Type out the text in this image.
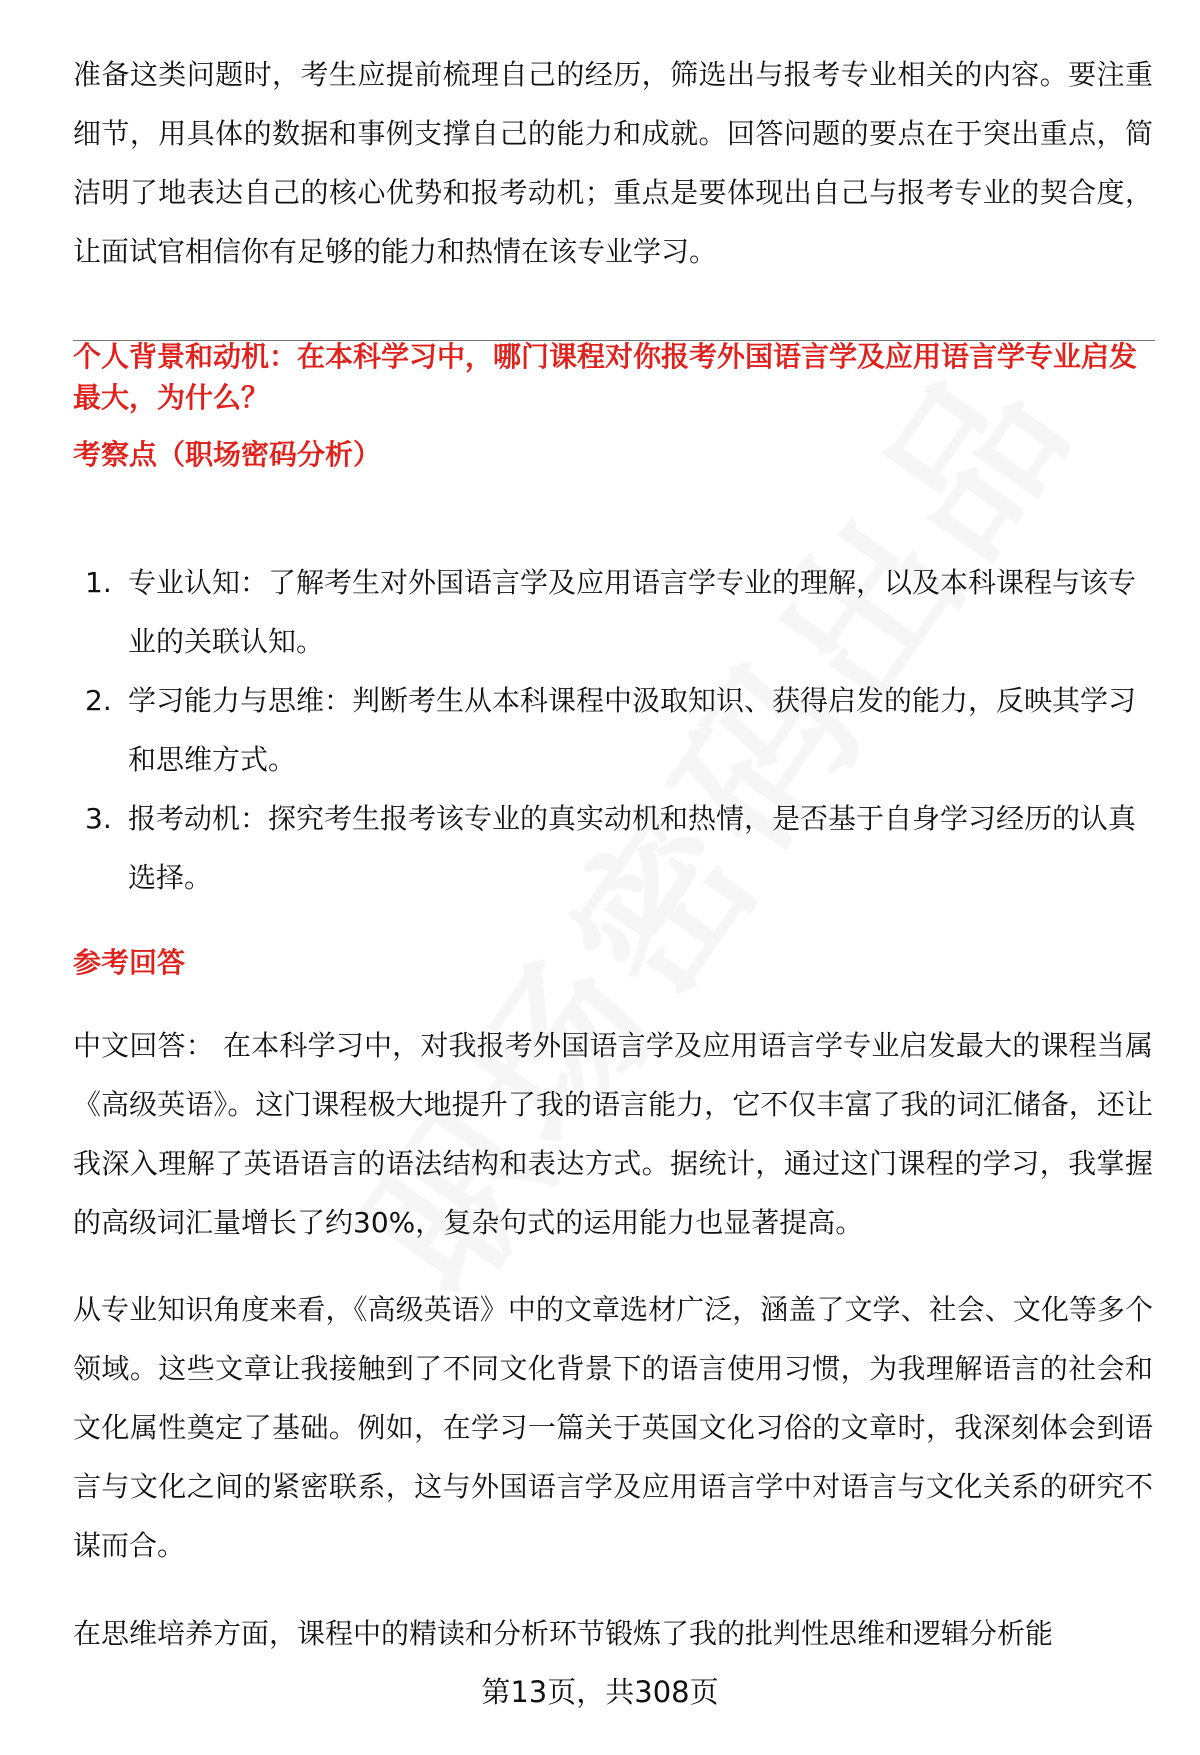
准备这类问题时，考生应提前梳理自己的经历，筛选出与报考专业相关的内容。要注重细节，用具体的数据和事例支撑自己的能力和成就。回答问题的要点在于突出重点，简洁明了地表达自己的核心优势和报考动机；重点是要体现出自己与报考专业的契合度，让面试官相信你有足够的能力和热情在该专业学习。
个人背景和动机：在本科学习中，哪门课程对你报考外国语言学及应用语言学专业启发最大，为什么？
考察点（职场密码分析）
1. 专业认知：了解考生对外国语言学及应用语言学专业的理解，以及本科课程与该专业的关联认知。
2. 学习能力与思维：判断考生从本科课程中汲取知识、获得启发的能力，反映其学习和思维方式。
3. 报考动机：探究考生报考该专业的真实动机和热情，是否基于自身学习经历的认真选择。
参考回答
中文回答： 在本科学习中，对我报考外国语言学及应用语言学专业启发最大的课程当属《高级英语》。这门课程极大地提升了我的语言能力，它不仅丰富了我的词汇储备，还让我深入理解了英语语言的语法结构和表达方式。据统计，通过这门课程的学习，我掌握的高级词汇量增长了约30%，复杂句式的运用能力也显著提高。
从专业知识角度来看，《高级英语》中的文章选材广泛，涵盖了文学、社会、文化等多个领域。这些文章让我接触到了不同文化背景下的语言使用习惯，为我理解语言的社会和文化属性奠定了基础。例如，在学习一篇关于英国文化习俗的文章时，我深刻体会到语言与文化之间的紧密联系，这与外国语言学及应用语言学中对语言与文化关系的研究不谋而合。
在思维培养方面，课程中的精读和分析环节锻炼了我的批判性思维和逻辑分析能
第13页，共308页
